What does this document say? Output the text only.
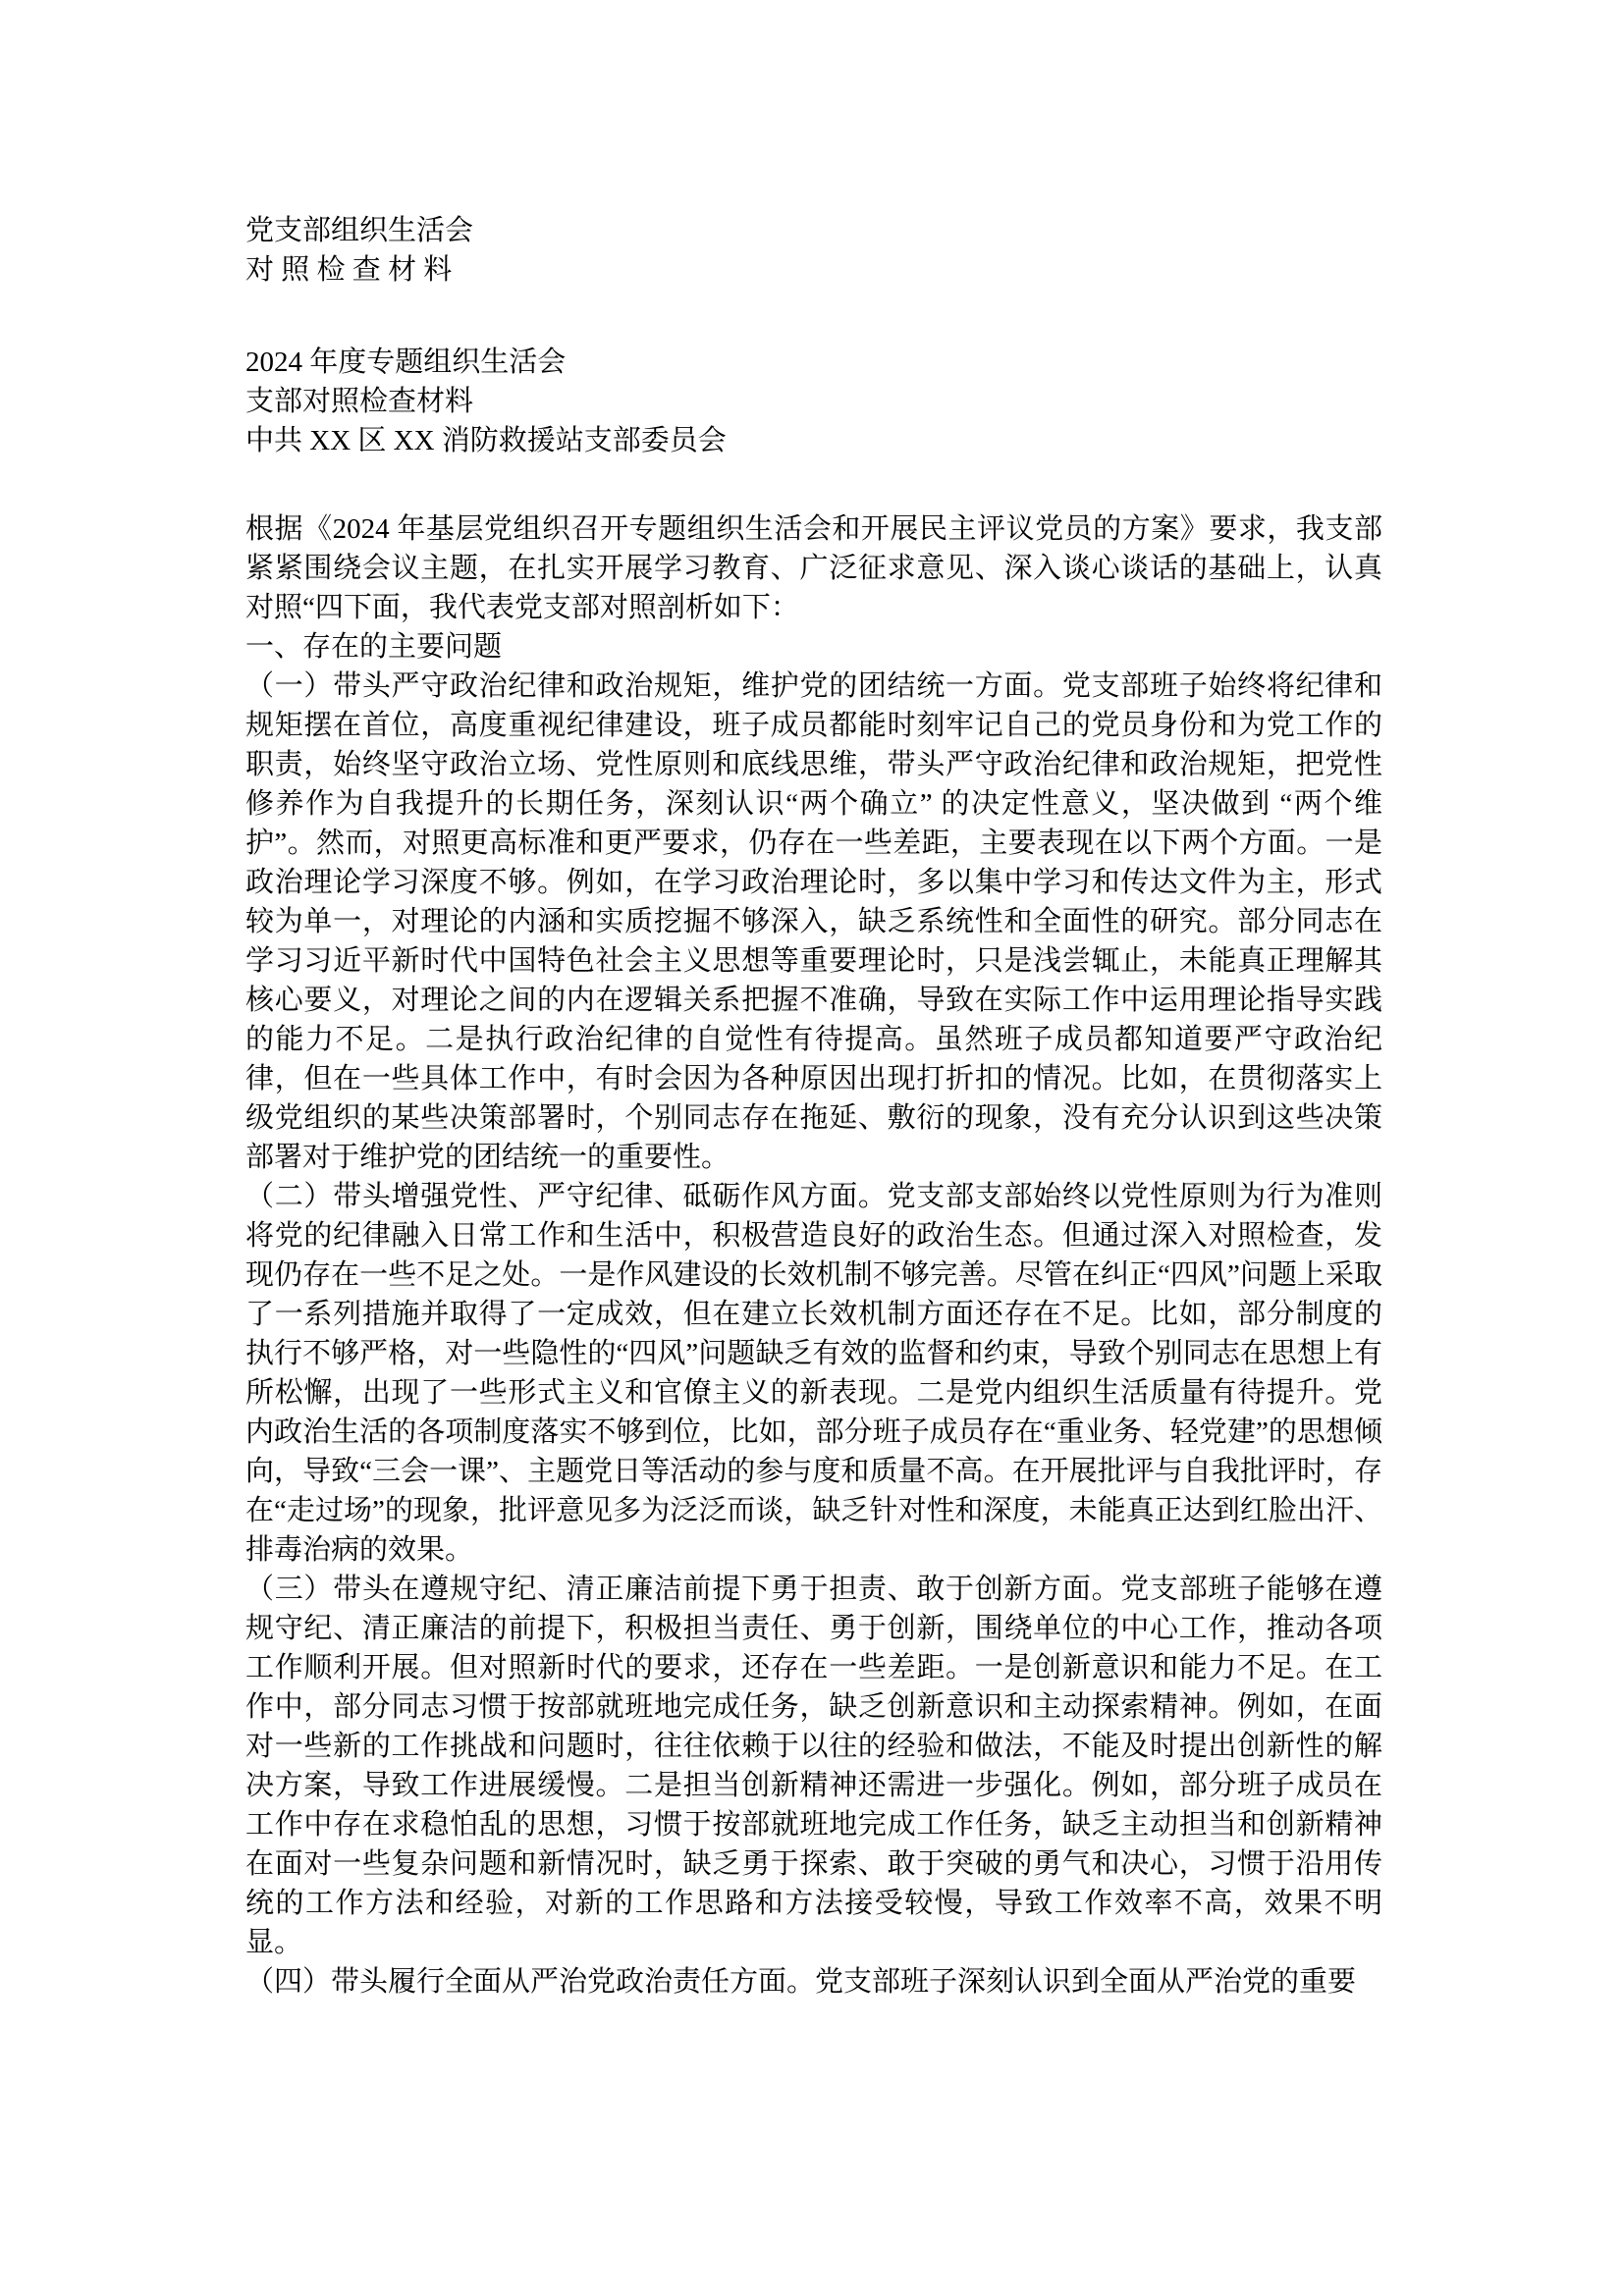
党支部组织生活会

对 照 检 查 材 料

2024 年度专题组织生活会

支部对照检查材料

中共 XX 区 XX 消防救援站支部委员会

根据《2024 年基层党组织召开专题组织生活会和开展民主评议党员的方案》要求，我支部紧紧围绕会议主题，在扎实开展学习教育、广泛征求意见、深入谈心谈话的基础上，认真对照“四下面，我代表党支部对照剖析如下：

一、存在的主要问题

（一）带头严守政治纪律和政治规矩，维护党的团结统一方面。党支部班子始终将纪律和规矩摆在首位，高度重视纪律建设，班子成员都能时刻牢记自己的党员身份和为党工作的职责，始终坚守政治立场、党性原则和底线思维，带头严守政治纪律和政治规矩，把党性修养作为自我提升的长期任务，深刻认识“两个确立” 的决定性意义，坚决做到 “两个维护”。然而，对照更高标准和更严要求，仍存在一些差距，主要表现在以下两个方面。一是政治理论学习深度不够。例如，在学习政治理论时，多以集中学习和传达文件为主，形式较为单一，对理论的内涵和实质挖掘不够深入，缺乏系统性和全面性的研究。部分同志在学习习近平新时代中国特色社会主义思想等重要理论时，只是浅尝辄止，未能真正理解其核心要义，对理论之间的内在逻辑关系把握不准确，导致在实际工作中运用理论指导实践的能力不足。二是执行政治纪律的自觉性有待提高。虽然班子成员都知道要严守政治纪律，但在一些具体工作中，有时会因为各种原因出现打折扣的情况。比如，在贯彻落实上级党组织的某些决策部署时，个别同志存在拖延、敷衍的现象，没有充分认识到这些决策部署对于维护党的团结统一的重要性。

（二）带头增强党性、严守纪律、砥砺作风方面。党支部支部始终以党性原则为行为准则将党的纪律融入日常工作和生活中，积极营造良好的政治生态。但通过深入对照检查，发现仍存在一些不足之处。一是作风建设的长效机制不够完善。尽管在纠正“四风”问题上采取了一系列措施并取得了一定成效，但在建立长效机制方面还存在不足。比如，部分制度的执行不够严格，对一些隐性的“四风”问题缺乏有效的监督和约束，导致个别同志在思想上有所松懈，出现了一些形式主义和官僚主义的新表现。二是党内组织生活质量有待提升。党内政治生活的各项制度落实不够到位，比如，部分班子成员存在“重业务、轻党建”的思想倾向，导致“三会一课”、主题党日等活动的参与度和质量不高。在开展批评与自我批评时，存在“走过场”的现象，批评意见多为泛泛而谈，缺乏针对性和深度，未能真正达到红脸出汗、排毒治病的效果。

（三）带头在遵规守纪、清正廉洁前提下勇于担责、敢于创新方面。党支部班子能够在遵规守纪、清正廉洁的前提下，积极担当责任、勇于创新，围绕单位的中心工作，推动各项工作顺利开展。但对照新时代的要求，还存在一些差距。一是创新意识和能力不足。在工作中，部分同志习惯于按部就班地完成任务，缺乏创新意识和主动探索精神。例如，在面对一些新的工作挑战和问题时，往往依赖于以往的经验和做法，不能及时提出创新性的解决方案，导致工作进展缓慢。二是担当创新精神还需进一步强化。例如，部分班子成员在工作中存在求稳怕乱的思想，习惯于按部就班地完成工作任务，缺乏主动担当和创新精神在面对一些复杂问题和新情况时，缺乏勇于探索、敢于突破的勇气和决心，习惯于沿用传统的工作方法和经验，对新的工作思路和方法接受较慢，导致工作效率不高，效果不明显。

（四）带头履行全面从严治党政治责任方面。党支部班子深刻认识到全面从严治党的重要
